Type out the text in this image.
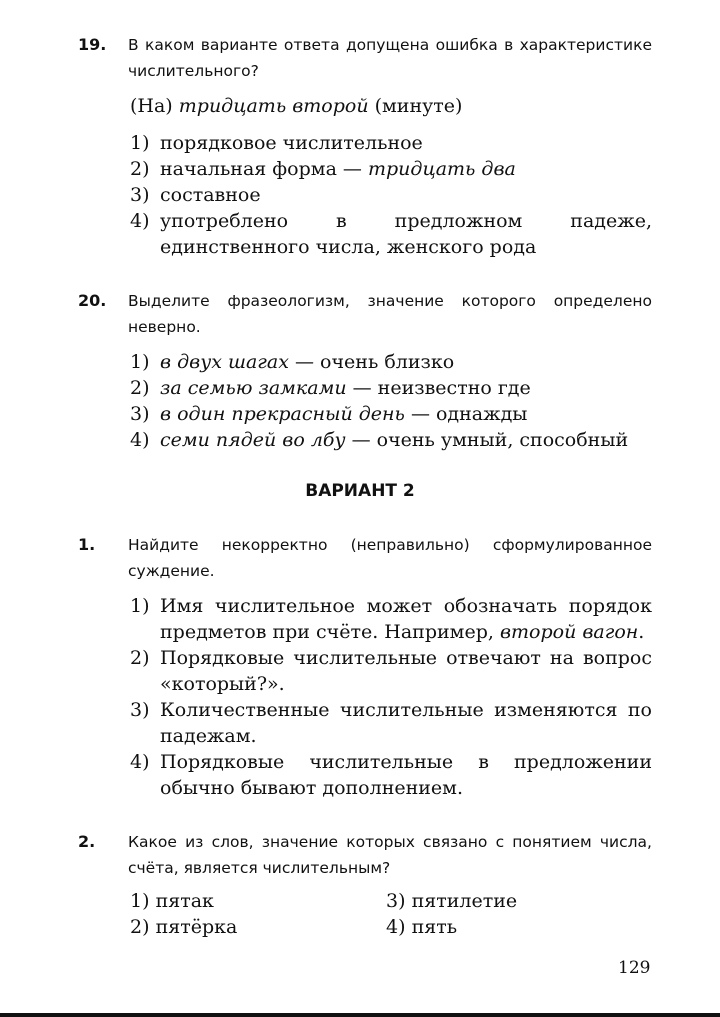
19. В каком варианте ответа допущена ошибка в характеристике числительного?
(На) тридцать второй (минуте)
1) порядковое числительное
2) начальная форма — тридцать два
3) составное
4) употреблено в предложном падеже, единственного числа, женского рода
20. Выделите фразеологизм, значение которого определено неверно.
1) в двух шагах — очень близко
2) за семью замками — неизвестно где
3) в один прекрасный день — однажды
4) семи пядей во лбу — очень умный, способный
ВАРИАНТ 2
1. Найдите некорректно (неправильно) сформулированное суждение.
1) Имя числительное может обозначать порядок предметов при счёте. Например, второй вагон.
2) Порядковые числительные отвечают на вопрос «который?».
3) Количественные числительные изменяются по падежам.
4) Порядковые числительные в предложении обычно бывают дополнением.
2. Какое из слов, значение которых связано с понятием числа, счёта, является числительным?
1) пятак
2) пятёрка
3) пятилетие
4) пять
129
